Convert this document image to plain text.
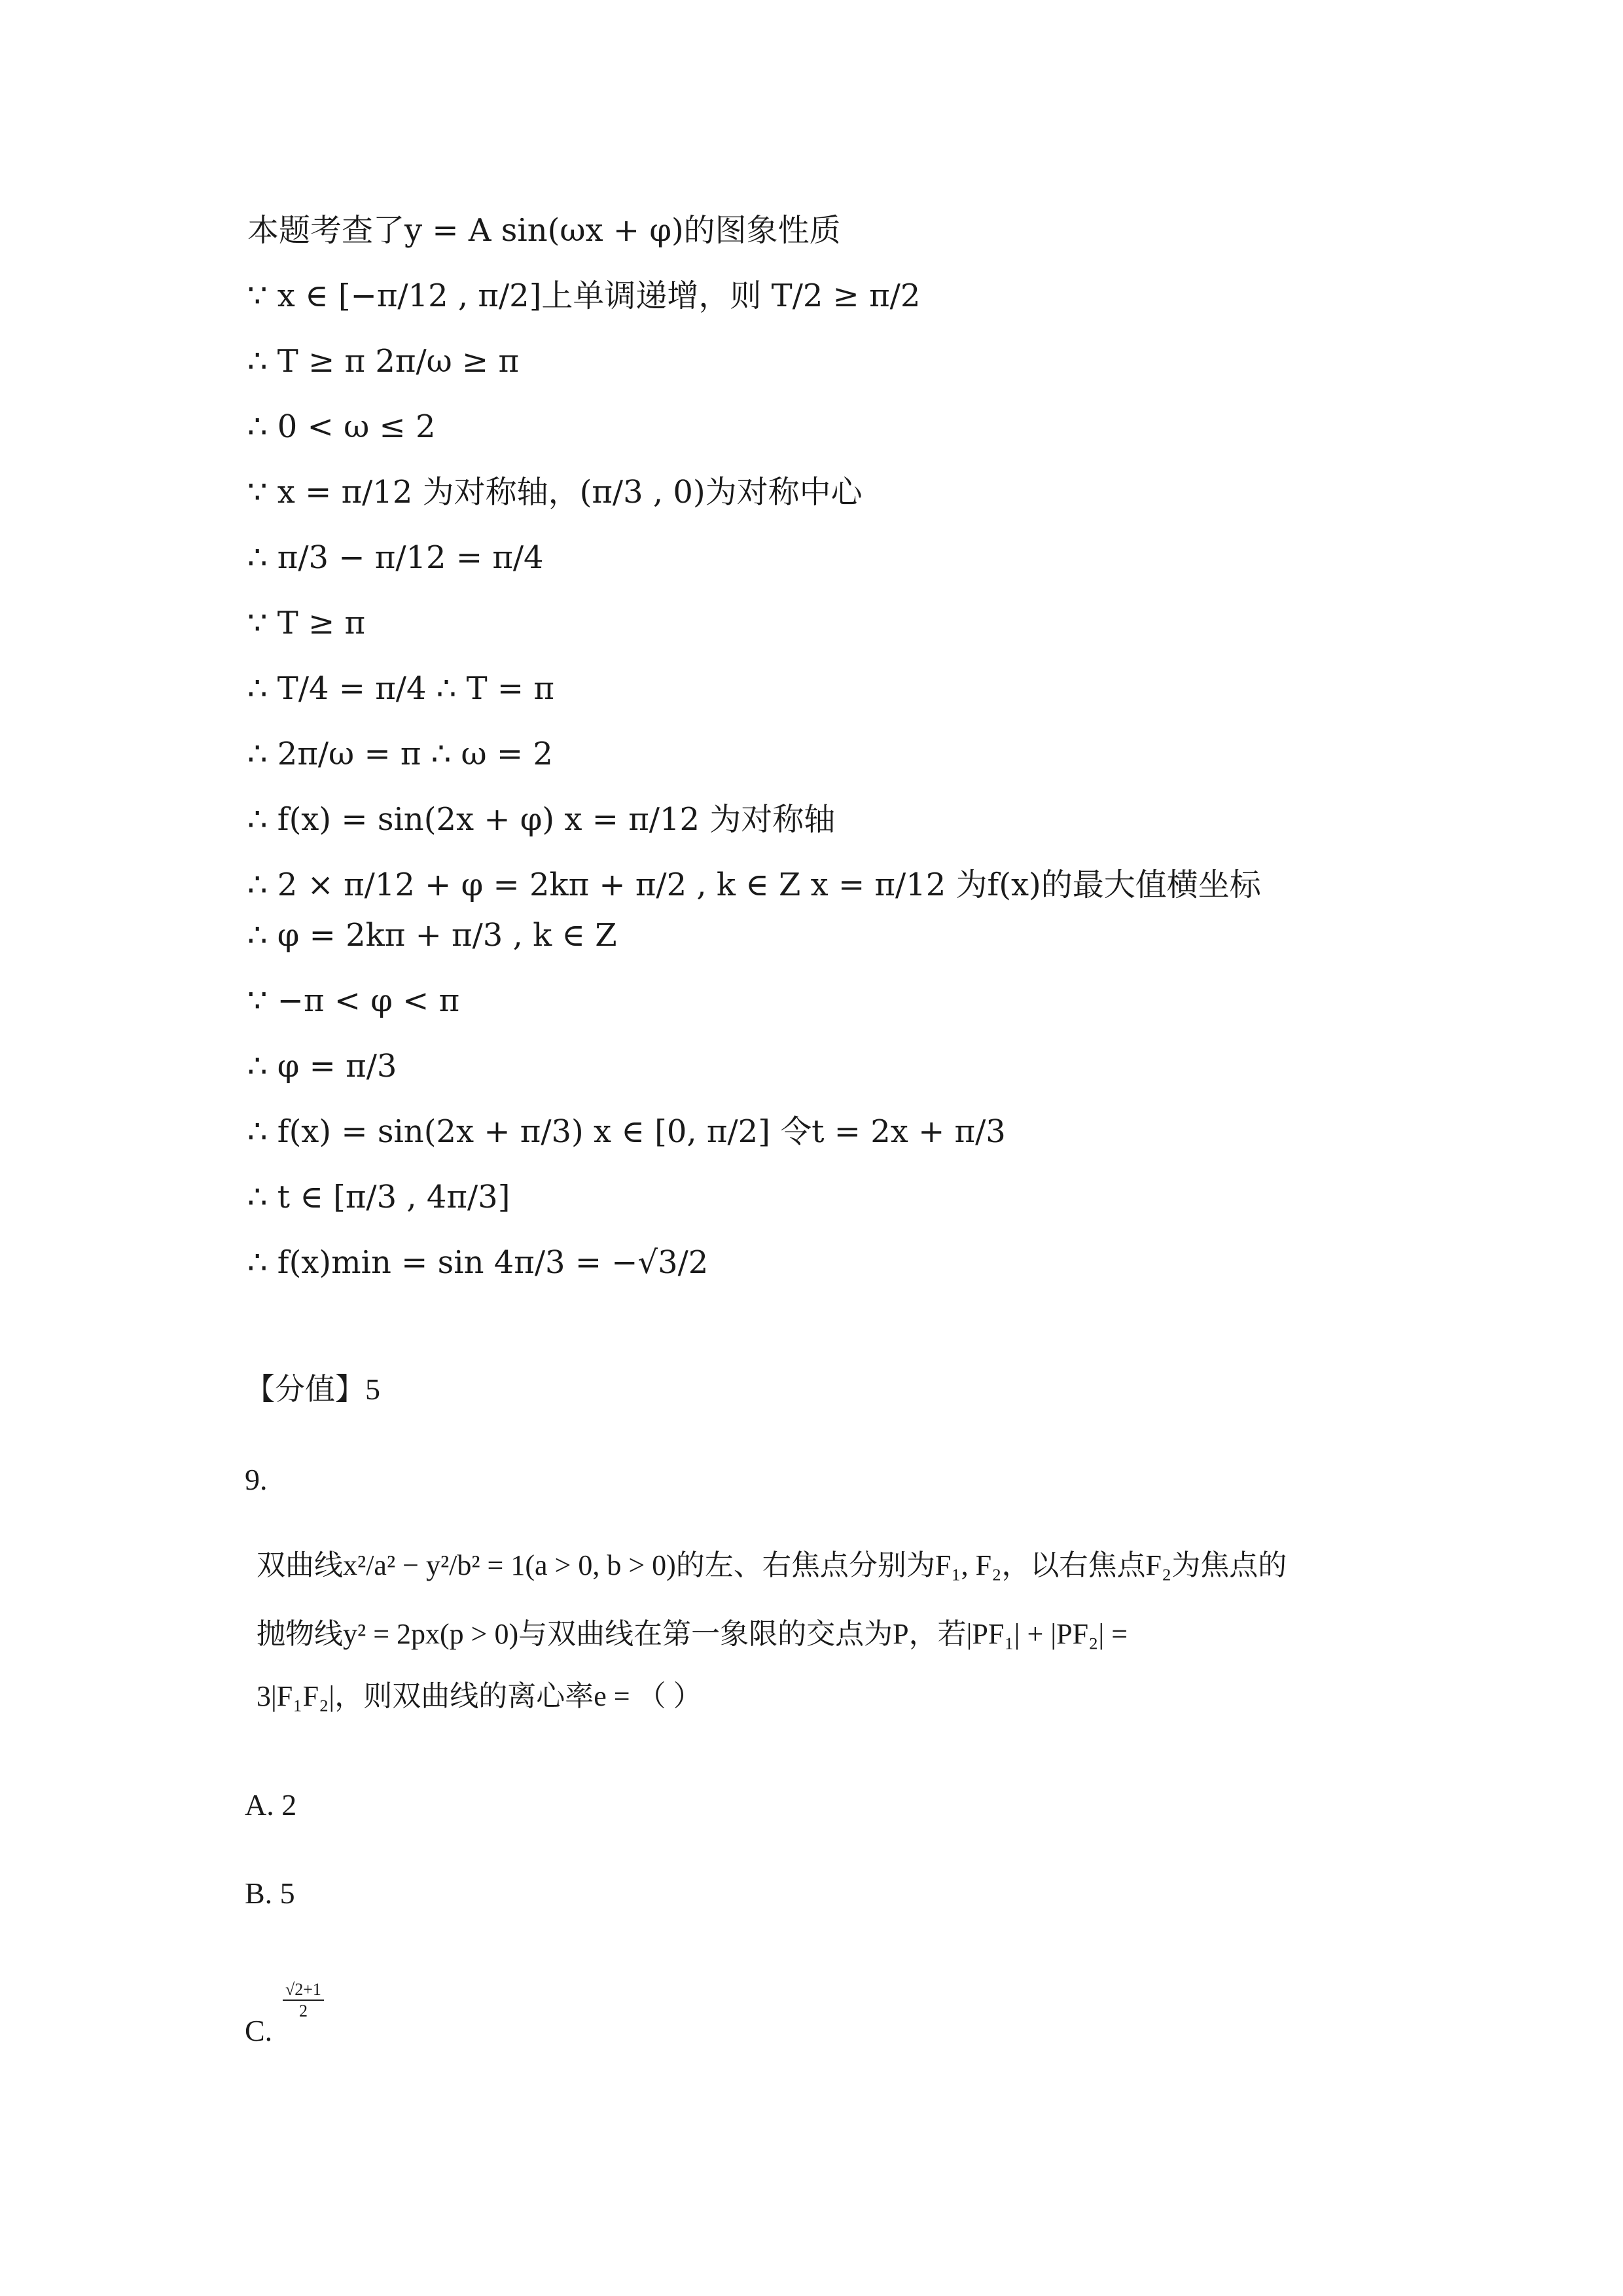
本题考查了y = A sin(ωx + φ)的图象性质
∵ x ∈ [−π/12 , π/2]上单调递增，则 T/2 ≥ π/2
∴ T ≥ π 2π/ω ≥ π
∴ 0 < ω ≤ 2
∵ x = π/12 为对称轴，(π/3 , 0)为对称中心
∴ π/3 − π/12 = π/4
∵ T ≥ π
∴ T/4 = π/4 ∴ T = π
∴ 2π/ω = π ∴ ω = 2
∴ f(x) = sin(2x + φ) x = π/12 为对称轴
∴ 2 × π/12 + φ = 2kπ + π/2 , k ∈ Z x = π/12 为f(x)的最大值横坐标
∴ φ = 2kπ + π/3 , k ∈ Z
∵ −π < φ < π
∴ φ = π/3
∴ f(x) = sin(2x + π/3) x ∈ [0, π/2] 令t = 2x + π/3
∴ t ∈ [π/3 , 4π/3]
∴ f(x)min = sin 4π/3 = −√3/2
【分值】5
9.
双曲线x²/a² − y²/b² = 1(a > 0, b > 0)的左、右焦点分别为F₁, F₂，以右焦点F₂为焦点的
抛物线y² = 2px(p > 0)与双曲线在第一象限的交点为P，若|PF₁| + |PF₂| =
3|F₁F₂|，则双曲线的离心率e = （ ）
A. 2
B. 5
C.
$\frac{√2+1}{2}$
